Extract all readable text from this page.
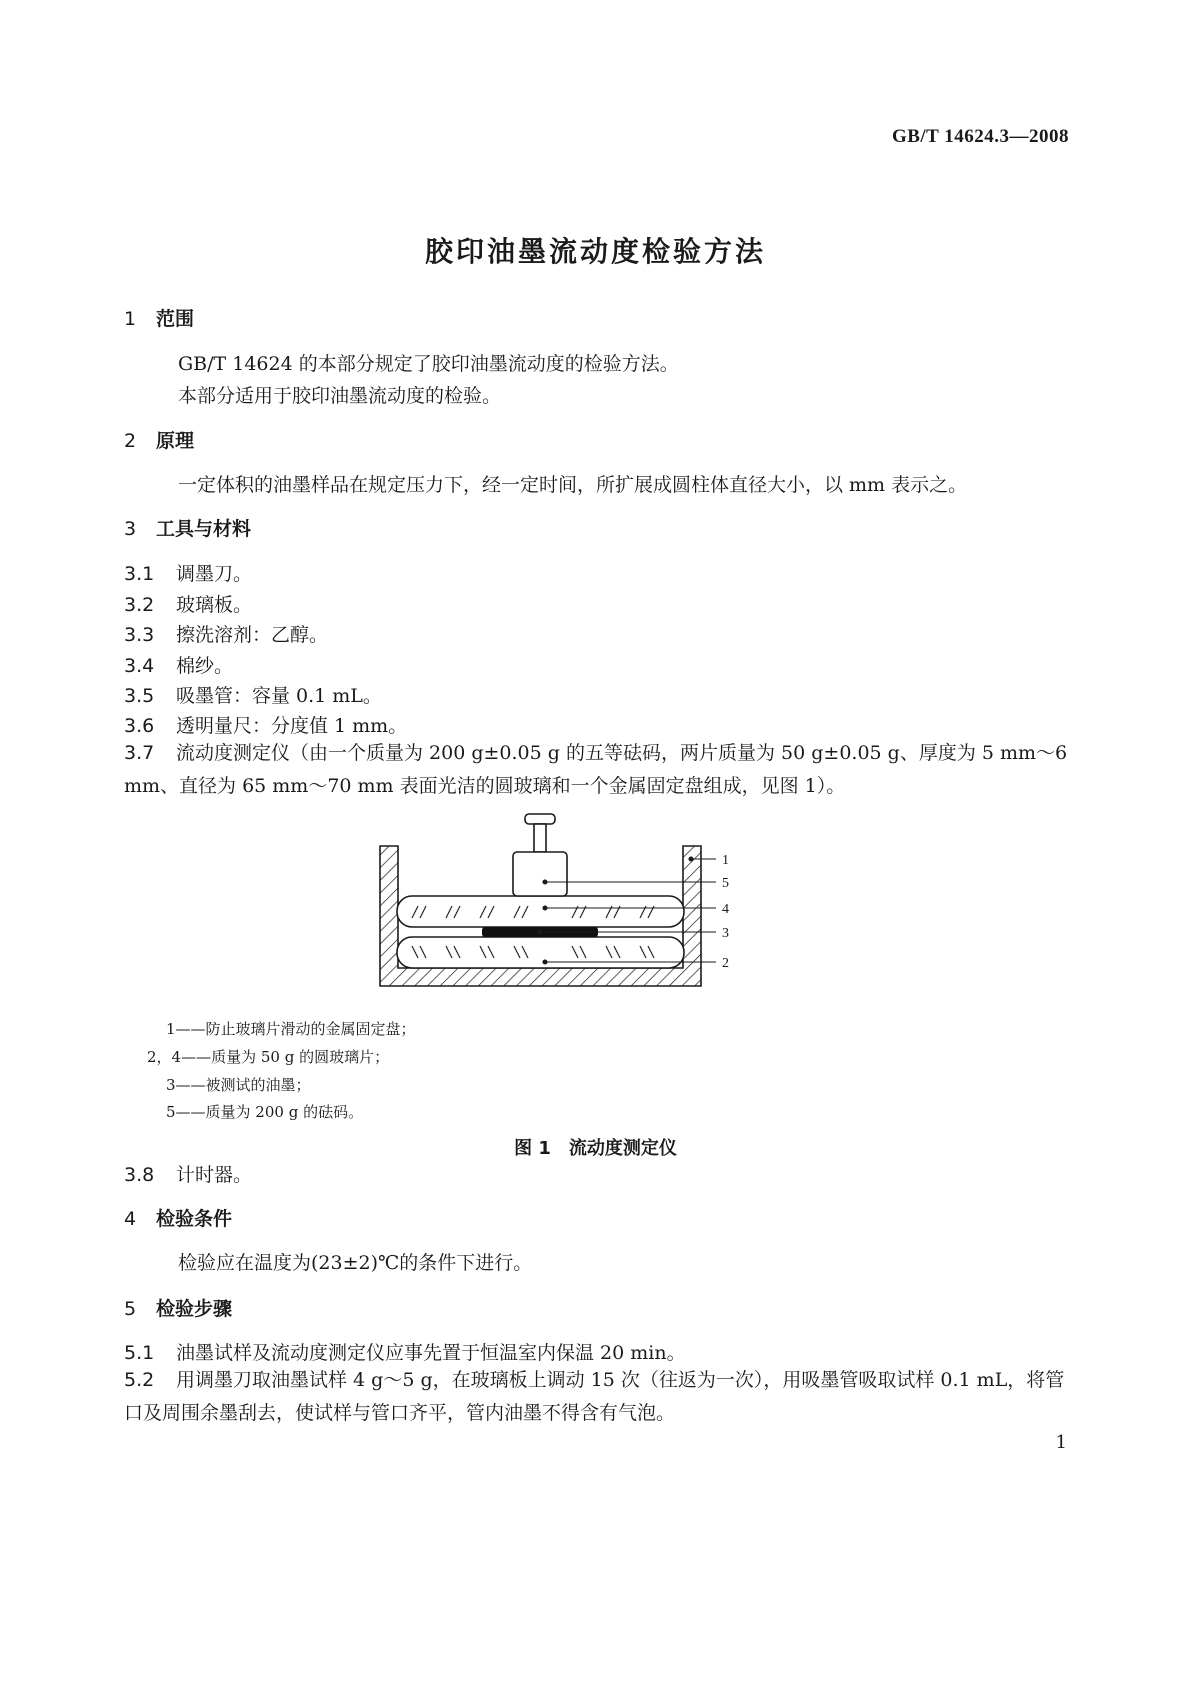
GB/T 14624.3—2008
胶印油墨流动度检验方法
1 范围
GB/T 14624 的本部分规定了胶印油墨流动度的检验方法。
本部分适用于胶印油墨流动度的检验。
2 原理
一定体积的油墨样品在规定压力下，经一定时间，所扩展成圆柱体直径大小，以 mm 表示之。
3 工具与材料
3.1 调墨刀。
3.2 玻璃板。
3.3 擦洗溶剂：乙醇。
3.4 棉纱。
3.5 吸墨管：容量 0.1 mL。
3.6 透明量尺：分度值 1 mm。
3.7 流动度测定仪（由一个质量为 200 g±0.05 g 的五等砝码，两片质量为 50 g±0.05 g、厚度为 5 mm～6 mm、直径为 65 mm～70 mm 表面光洁的圆玻璃和一个金属固定盘组成，见图 1）。
1
5
4
3
2
1——防止玻璃片滑动的金属固定盘；
2，4——质量为 50 g 的圆玻璃片；
3——被测试的油墨；
5——质量为 200 g 的砝码。
图 1　流动度测定仪
3.8 计时器。
4 检验条件
检验应在温度为(23±2)℃的条件下进行。
5 检验步骤
5.1 油墨试样及流动度测定仪应事先置于恒温室内保温 20 min。
5.2 用调墨刀取油墨试样 4 g～5 g，在玻璃板上调动 15 次（往返为一次），用吸墨管吸取试样 0.1 mL，将管口及周围余墨刮去，使试样与管口齐平，管内油墨不得含有气泡。
1
